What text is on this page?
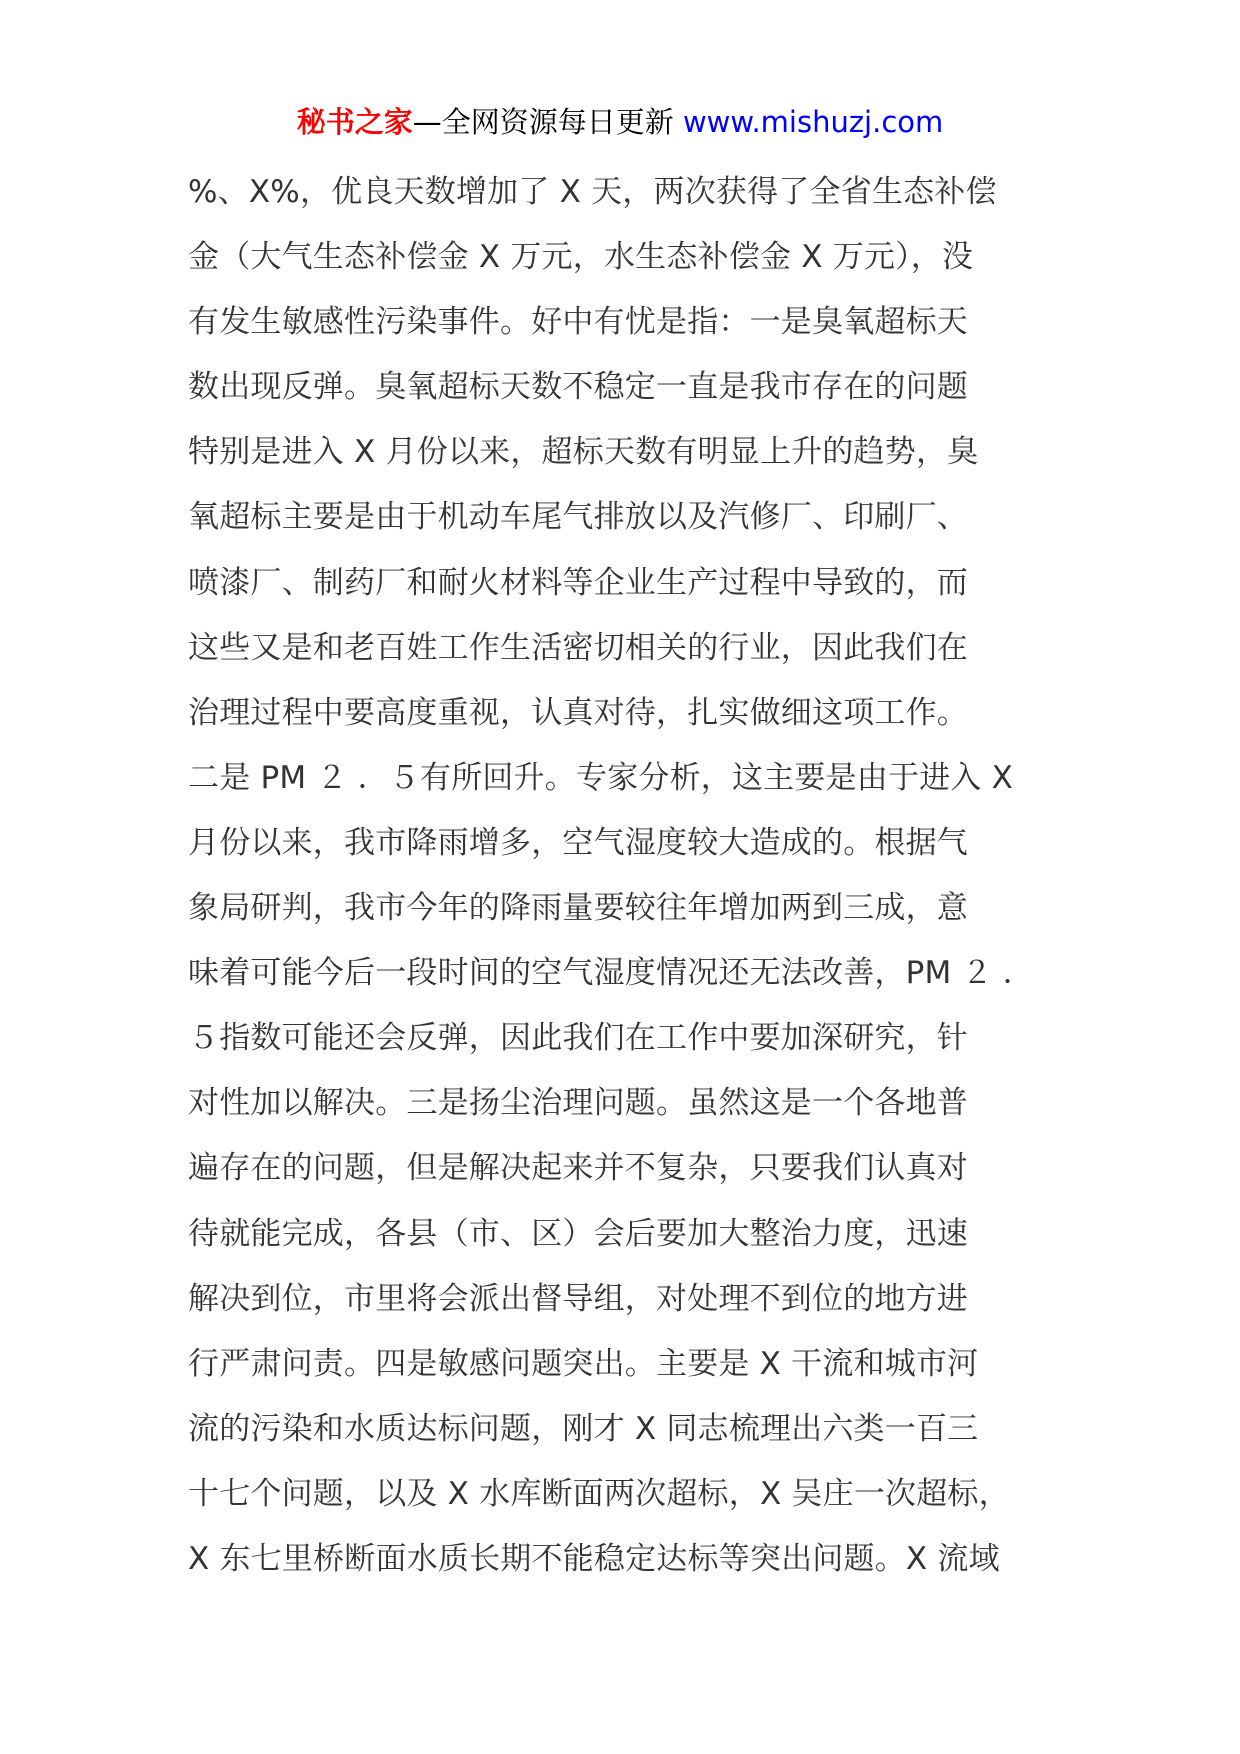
秘书之家—全网资源每日更新 www.mishuzj.com
%、X%，优良天数增加了 X 天，两次获得了全省生态补偿
金（大气生态补偿金 X 万元，水生态补偿金 X 万元），没
有发生敏感性污染事件。好中有忧是指：一是臭氧超标天
数出现反弹。臭氧超标天数不稳定一直是我市存在的问题
特别是进入 X 月份以来，超标天数有明显上升的趋势，臭
氧超标主要是由于机动车尾气排放以及汽修厂、印刷厂、
喷漆厂、制药厂和耐火材料等企业生产过程中导致的，而
这些又是和老百姓工作生活密切相关的行业，因此我们在
治理过程中要高度重视，认真对待，扎实做细这项工作。
二是 PM ２ ．５有所回升。专家分析，这主要是由于进入 X
月份以来，我市降雨增多，空气湿度较大造成的。根据气
象局研判，我市今年的降雨量要较往年增加两到三成，意
味着可能今后一段时间的空气湿度情况还无法改善，PM ２ ．
５指数可能还会反弹，因此我们在工作中要加深研究，针
对性加以解决。三是扬尘治理问题。虽然这是一个各地普
遍存在的问题，但是解决起来并不复杂，只要我们认真对
待就能完成，各县（市、区）会后要加大整治力度，迅速
解决到位，市里将会派出督导组，对处理不到位的地方进
行严肃问责。四是敏感问题突出。主要是 X 干流和城市河
流的污染和水质达标问题，刚才 X 同志梳理出六类一百三
十七个问题，以及 X 水库断面两次超标，X 吴庄一次超标，
X 东七里桥断面水质长期不能稳定达标等突出问题。X 流域
